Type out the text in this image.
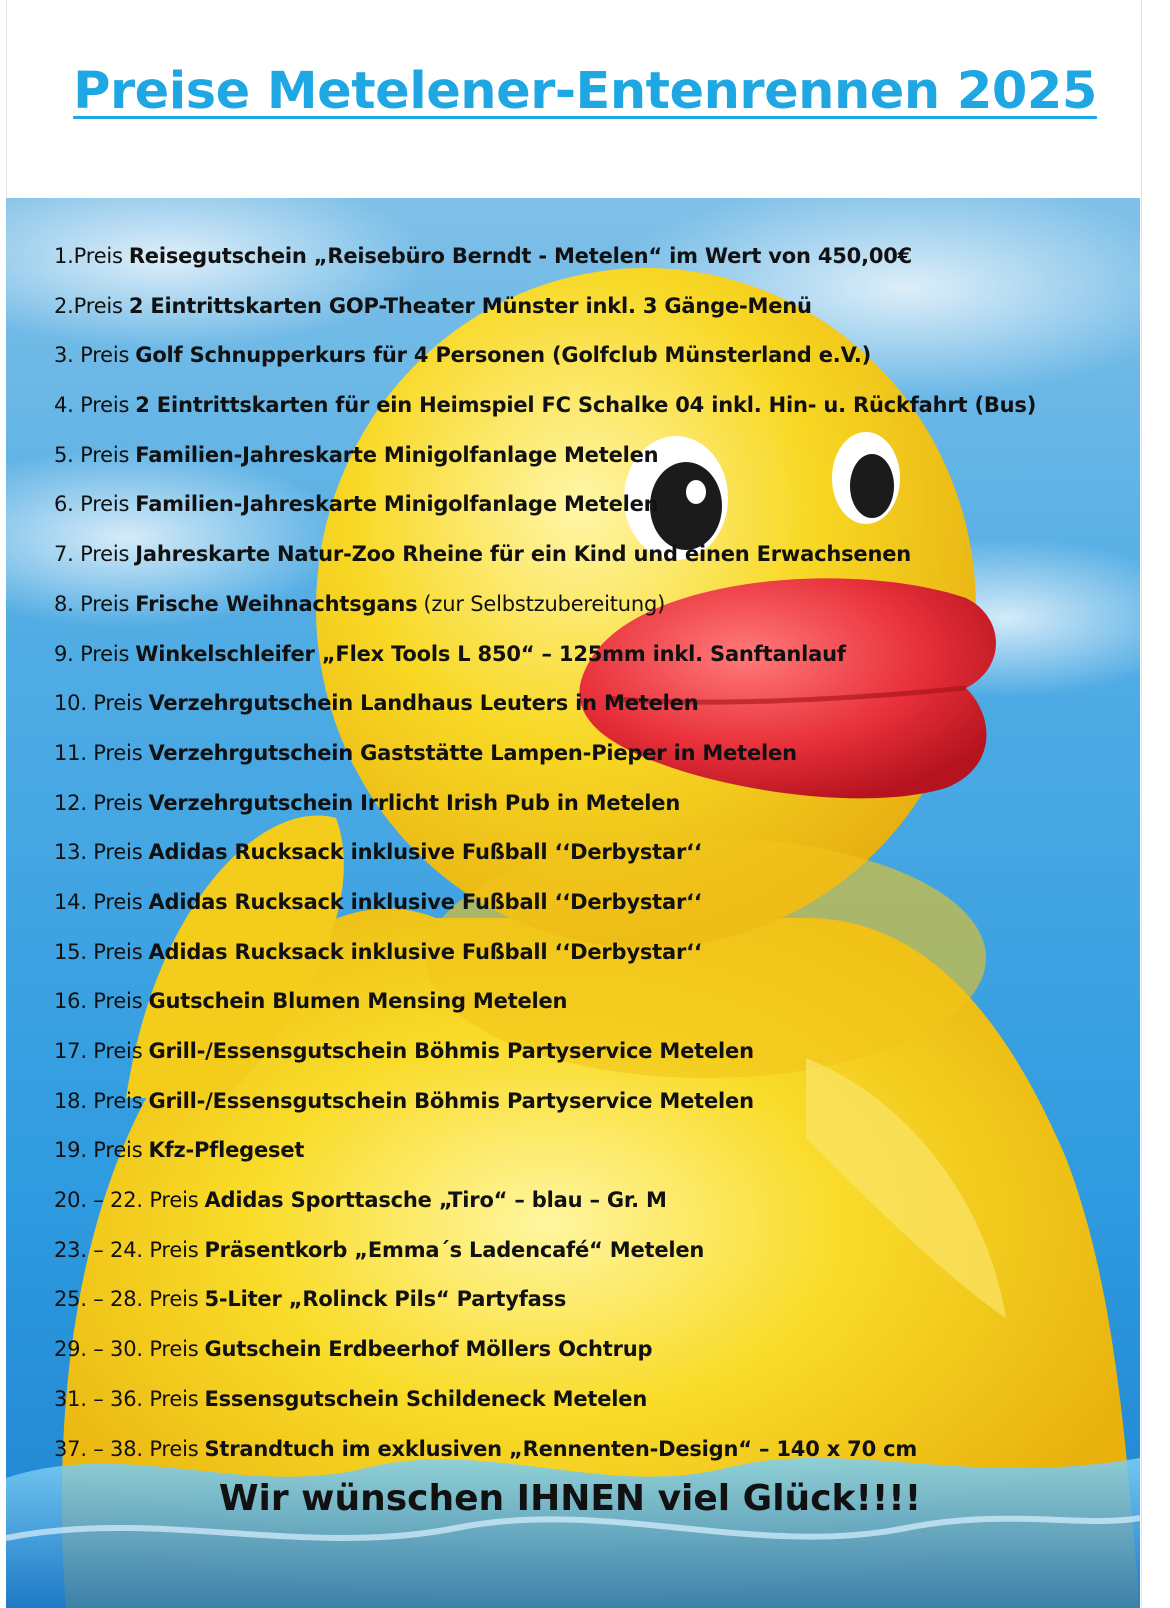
Preise Metelener-Entenrennen 2025
1.Preis Reisegutschein „Reisebüro Berndt - Metelen“ im Wert von 450,00€
2.Preis 2 Eintrittskarten GOP-Theater Münster inkl. 3 Gänge-Menü
3. Preis Golf Schnupperkurs für 4 Personen (Golfclub Münsterland e.V.)
4. Preis 2 Eintrittskarten für ein Heimspiel FC Schalke 04 inkl. Hin- u. Rückfahrt (Bus)
5. Preis Familien-Jahreskarte Minigolfanlage Metelen
6. Preis Familien-Jahreskarte Minigolfanlage Metelen
7. Preis Jahreskarte Natur-Zoo Rheine für ein Kind und einen Erwachsenen
8. Preis Frische Weihnachtsgans (zur Selbstzubereitung)
9. Preis Winkelschleifer „Flex Tools L 850“ – 125mm inkl. Sanftanlauf
10. Preis Verzehrgutschein Landhaus Leuters in Metelen
11. Preis Verzehrgutschein Gaststätte Lampen-Pieper in Metelen
12. Preis Verzehrgutschein Irrlicht Irish Pub in Metelen
13. Preis Adidas Rucksack inklusive Fußball ‘‘Derbystar‘‘
14. Preis Adidas Rucksack inklusive Fußball ‘‘Derbystar‘‘
15. Preis Adidas Rucksack inklusive Fußball ‘‘Derbystar‘‘
16. Preis Gutschein Blumen Mensing Metelen
17. Preis Grill-/Essensgutschein Böhmis Partyservice Metelen
18. Preis Grill-/Essensgutschein Böhmis Partyservice Metelen
19. Preis Kfz-Pflegeset
20. – 22. Preis Adidas Sporttasche „Tiro“ – blau – Gr. M
23. – 24. Preis Präsentkorb „Emma´s Ladencafé“ Metelen
25. – 28. Preis 5-Liter „Rolinck Pils“ Partyfass
29. – 30. Preis Gutschein Erdbeerhof Möllers Ochtrup
31. – 36. Preis Essensgutschein Schildeneck Metelen
37. – 38. Preis Strandtuch im exklusiven „Rennenten-Design“ – 140 x 70 cm

Wir wünschen IHNEN viel Glück!!!!
